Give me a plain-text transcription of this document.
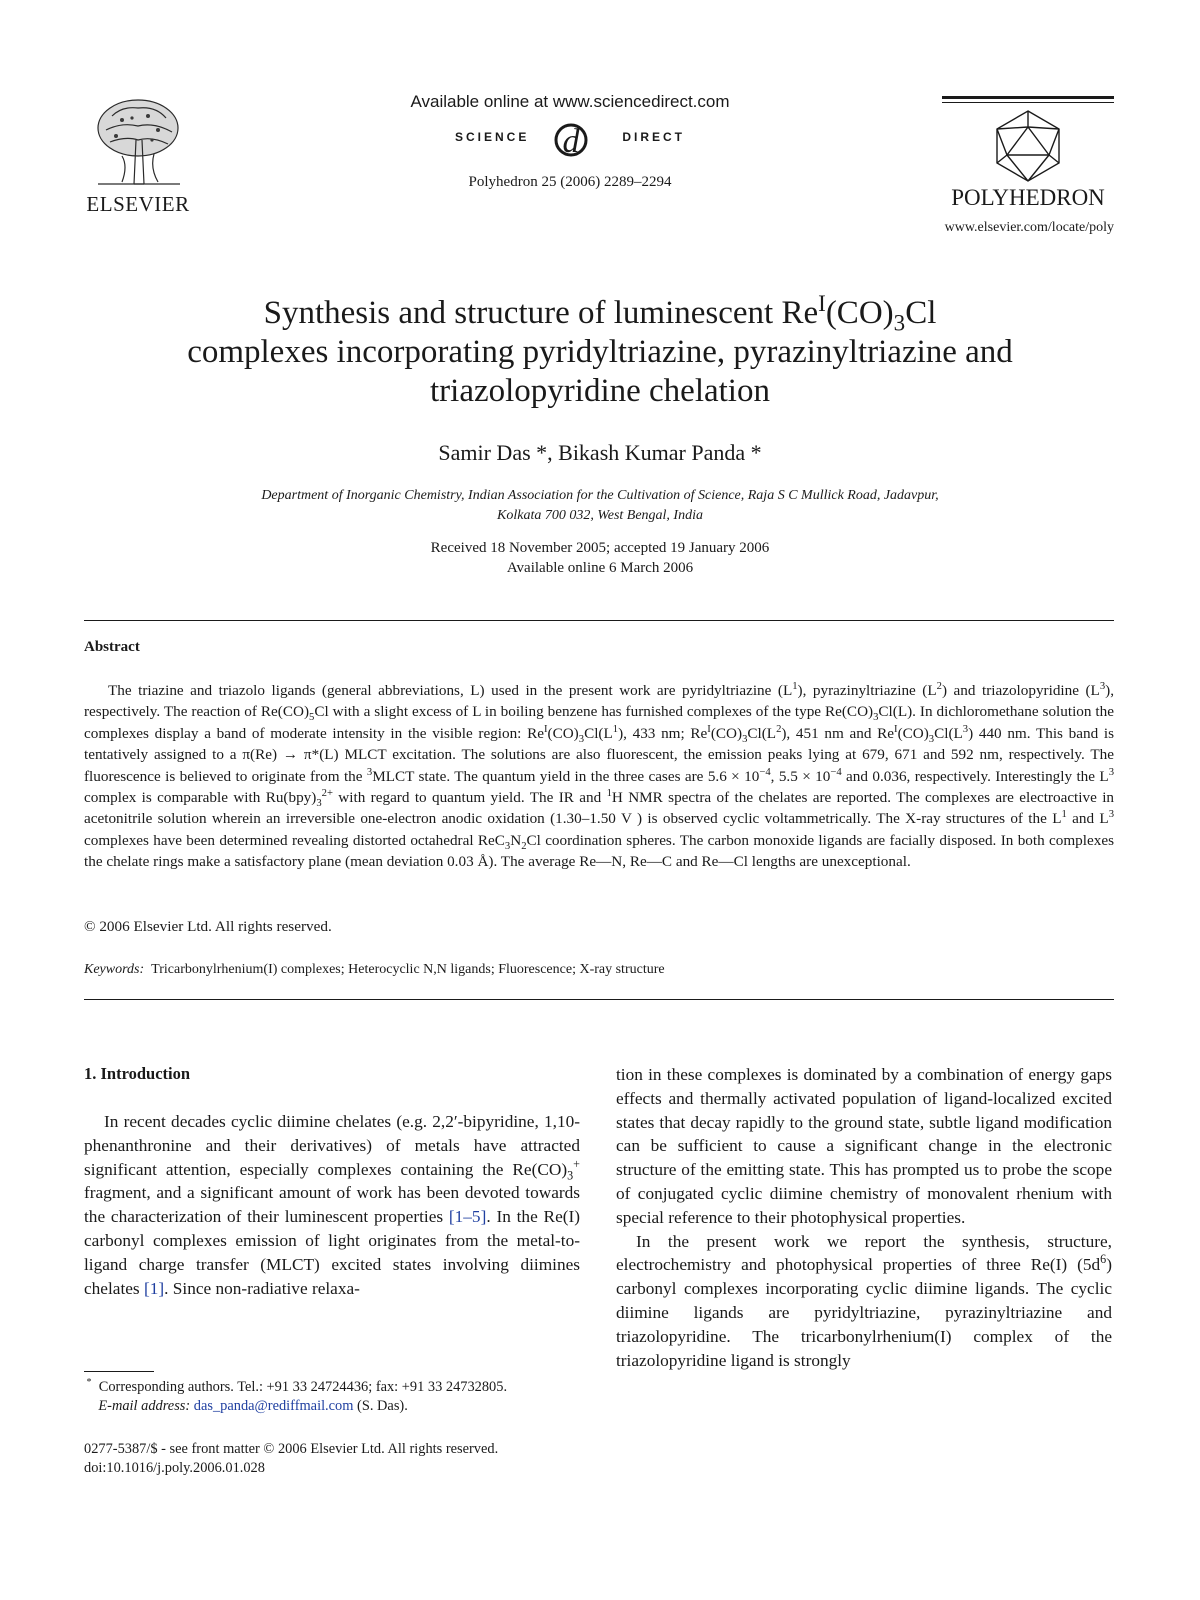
ELSEVIER
Available online at www.sciencedirect.com
SCIENCE d	DIRECT
Polyhedron 25 (2006) 2289–2294
POLYHEDRON
www.elsevier.com/locate/poly
Synthesis and structure of luminescent $Re^I(CO)_3Cl$
complexes incorporating pyridyltriazine, pyrazinyltriazine and
triazolopyridine chelation
Samir Das *, Bikash Kumar Panda *
Department of Inorganic Chemistry, Indian Association for the Cultivation of Science, Raja S C Mullick Road, Jadavpur,
Kolkata 700 032, West Bengal, India
Received 18 November 2005; accepted 19 January 2006
Available online 6 March 2006
Abstract
The triazine and triazolo ligands (general abbreviations, L) used in the present work are pyridyltriazine $(L^1)$, pyrazinyltriazine $(L^2)$ and triazolopyridine $(L^3)$, respectively. The reaction of $Re(CO)_5Cl$ with a slight excess of L in boiling benzene has furnished complexes of the type $Re(CO)_3Cl(L)$. In dichloromethane solution the complexes display a band of moderate intensity in the visible region: $Re^I(CO)_3Cl(L^1)$, 433 nm; $Re^I(CO)_3Cl(L^2)$, 451 nm and $Re^I(CO)_3Cl(L^3)$ 440 nm. This band is tentatively assigned to a π(Re) → π*(L) MLCT excitation. The solutions are also fluorescent, the emission peaks lying at 679, 671 and 592 nm, respectively. The fluorescence is believed to originate from the $^3$MLCT state. The quantum yield in the three cases are $5.6 \times 10^{-4}$, $5.5 \times 10^{-4}$ and 0.036, respectively. Interestingly the $L^3$ complex is comparable with $Ru(bpy)_3^{2+}$ with regard to quantum yield. The IR and $^1$H NMR spectra of the chelates are reported. The complexes are electroactive in acetonitrile solution wherein an irreversible one-electron anodic oxidation (1.30–1.50 V ) is observed cyclic voltammetrically. The X-ray structures of the $L^1$ and $L^3$ complexes have been determined revealing distorted octahedral $ReC_3N_2Cl$ coordination spheres. The carbon monoxide ligands are facially disposed. In both complexes the chelate rings make a satisfactory plane (mean deviation 0.03 Å). The average Re—N, Re—C and Re—Cl lengths are unexceptional.
© 2006 Elsevier Ltd. All rights reserved.
Keywords: Tricarbonylrhenium(I) complexes; Heterocyclic N,N ligands; Fluorescence; X-ray structure
1. Introduction
In recent decades cyclic diimine chelates (e.g. 2,2′-bipyridine, 1,10-phenanthronine and their derivatives) of metals have attracted significant attention, especially complexes containing the $Re(CO)_3^+$ fragment, and a significant amount of work has been devoted towards the characterization of their luminescent properties [1–5]. In the Re(I) carbonyl complexes emission of light originates from the metal-to-ligand charge transfer (MLCT) excited states involving diimines chelates [1]. Since non-radiative relaxa-

tion in these complexes is dominated by a combination of energy gaps effects and thermally activated population of ligand-localized excited states that decay rapidly to the ground state, subtle ligand modification can be sufficient to cause a significant change in the electronic structure of the emitting state. This has prompted us to probe the scope of conjugated cyclic diimine chemistry of monovalent rhenium with special reference to their photophysical properties.

In the present work we report the synthesis, structure, electrochemistry and photophysical properties of three Re(I) $(5d^6)$ carbonyl complexes incorporating cyclic diimine ligands. The cyclic diimine ligands are pyridyltriazine, pyrazinyltriazine and triazolopyridine. The tricarbonylrhenium(I) complex of the triazolopyridine ligand is strongly

* Corresponding authors. Tel.: +91 33 24724436; fax: +91 33 24732805.
E-mail address: das_panda@rediffmail.com (S. Das).
0277-5387/$ - see front matter © 2006 Elsevier Ltd. All rights reserved.
doi:10.1016/j.poly.2006.01.028
